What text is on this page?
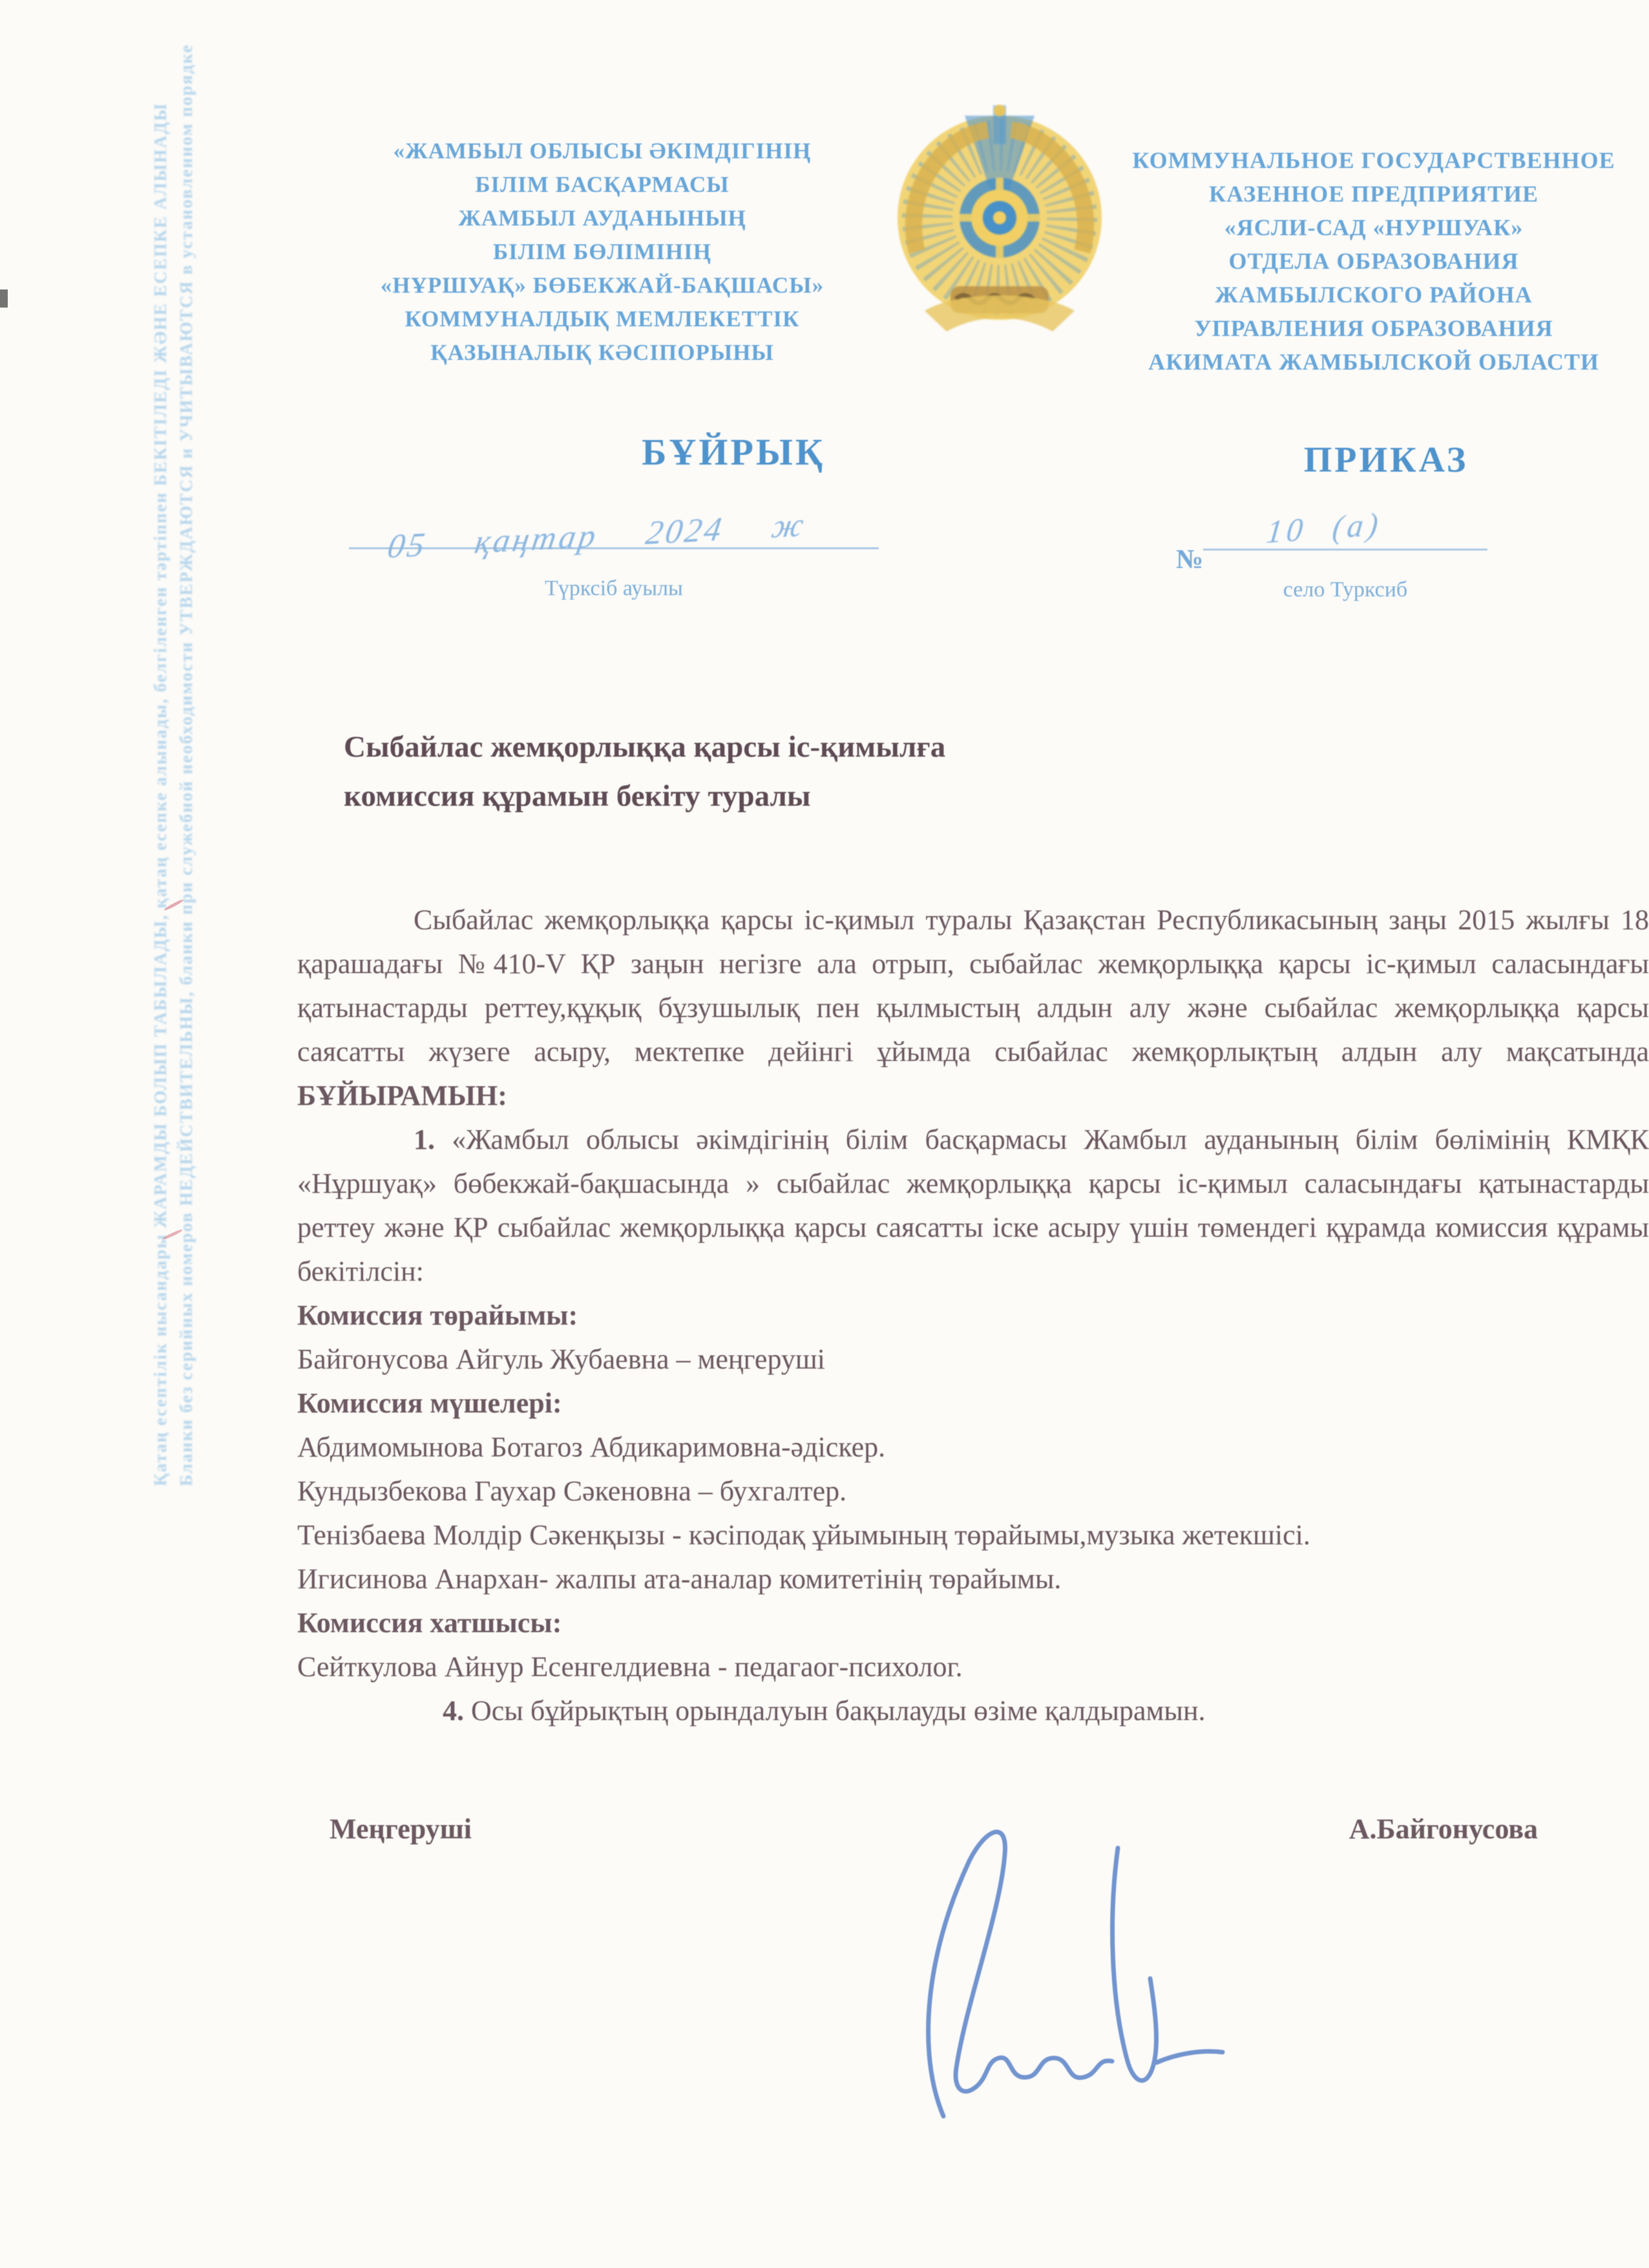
«ЖАМБЫЛ ОБЛЫСЫ ӘКІМДІГІНІҢ
БІЛІМ БАСҚАРМАСЫ
ЖАМБЫЛ АУДАНЫНЫҢ
БІЛІМ БӨЛІМІНІҢ
«НҰРШУАҚ» БӨБЕКЖАЙ-БАҚШАСЫ»
КОММУНАЛДЫҚ МЕМЛЕКЕТТІК
ҚАЗЫНАЛЫҚ КӘСІПОРЫНЫ
КОММУНАЛЬНОЕ ГОСУДАРСТВЕННОЕ
КАЗЕННОЕ ПРЕДПРИЯТИЕ
«ЯСЛИ-САД «НУРШУАК»
ОТДЕЛА ОБРАЗОВАНИЯ
ЖАМБЫЛСКОГО РАЙОНА
УПРАВЛЕНИЯ ОБРАЗОВАНИЯ
АКИМАТА ЖАМБЫЛСКОЙ ОБЛАСТИ
БҰЙРЫҚ	ПРИКАЗ
05 қаңтар 2024 ж
Түрксіб ауылы
№
10 (а)
село Турксиб
Қатаң есептілік нысандары ЖАРАМДЫ БОЛЫП ТАБЫЛАДЫ, қатаң есепке алынады, белгіленген тәртіппен БЕКІТІЛЕДІ ЖӘНЕ ЕСЕПКЕ АЛЫНАДЫ Бланки без серийных номеров НЕДЕЙСТВИТЕЛЬНЫ, бланки при служебной необходимости УТВЕРЖДАЮТСЯ и УЧИТЫВАЮТСЯ в установленном порядке	Сыбайлас жемқорлыққа қарсы іс-қимылға
комиссия құрамын бекіту туралы

Сыбайлас жемқорлыққа қарсы іс-қимыл туралы Қазақстан Республикасының заңы 2015 жылғы 18 қарашадағы №410-V ҚР заңын негізге ала отрып, сыбайлас жемқорлыққа қарсы іс-қимыл саласындағы қатынастарды реттеу,құқық бұзушылық пен қылмыстың алдын алу және сыбайлас жемқорлыққа қарсы саясатты жүзеге асыру, мектепке дейінгі ұйымда сыбайлас жемқорлықтың алдын алу мақсатында БҰЙЫРАМЫН:

1. «Жамбыл облысы әкімдігінің білім басқармасы Жамбыл ауданының білім бөлімінің КМҚК «Нұршуақ» бөбекжай-бақшасында » сыбайлас жемқорлыққа қарсы іс-қимыл саласындағы қатынастарды реттеу және ҚР сыбайлас жемқорлыққа қарсы саясатты іске асыру үшін төмендегі құрамда комиссия құрамы бекітілсін:

Комиссия төрайымы:

Байгонусова Айгуль Жубаевна – меңгеруші

Комиссия мүшелері:

Абдимомынова Ботагоз Абдикаримовна-әдіскер.

Кундызбекова Гаухар Сәкеновна – бухгалтер.

Тенізбаева Молдір Сәкенқызы - кәсіподақ ұйымының төрайымы,музыка жетекшісі.

Игисинова Анархан- жалпы ата-аналар комитетінің төрайымы.

Комиссия хатшысы:

Сейткулова Айнур Есенгелдиевна - педагаог-психолог.

4. Осы бұйрықтың орындалуын бақылауды өзіме қалдырамын.

Меңгеруші	А.Байгонусова
